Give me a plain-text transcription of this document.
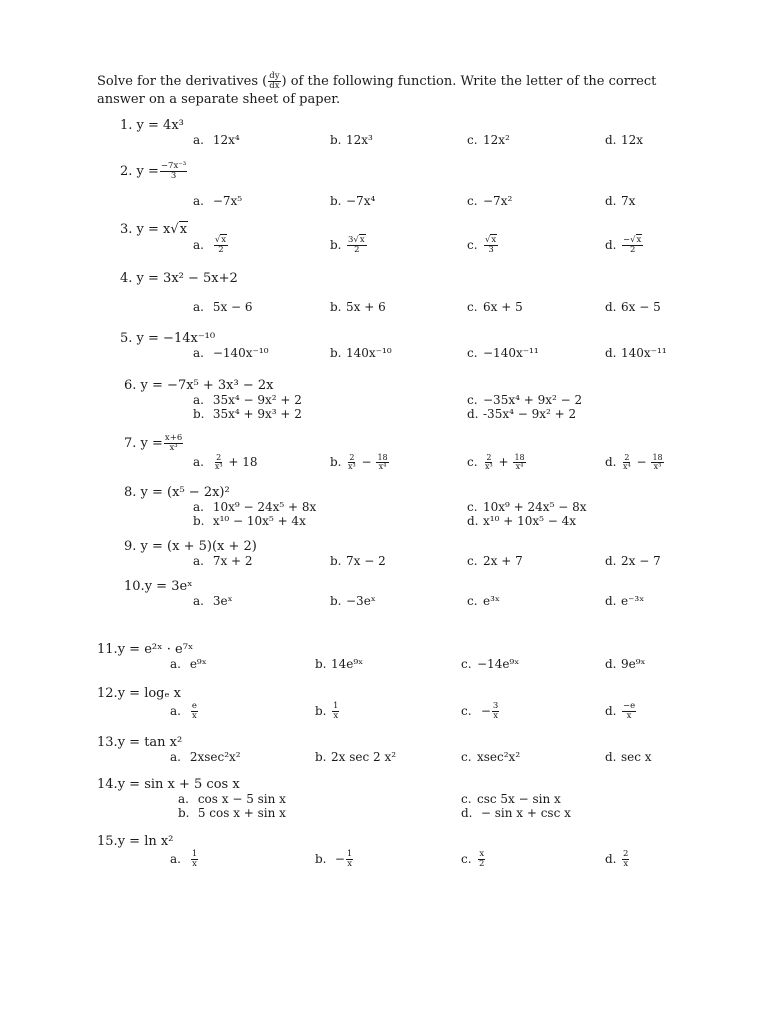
Solve for the derivatives ( $\frac{dy}{dx}$ ) of the following function. Write the letter of the correct answer on a separate sheet of paper.
1. y = 4x³
a. 12x⁴	b. 12x³	c. 12x²	d. 12x
2. $y = \frac{\text{−7x⁻³}}{3}$
a. −7x⁵	b. −7x⁴	c. −7x²	d. 7x
3. y = x√x
a. $\frac{√x}{2}$	b. $\frac{3√x}{2}$	c. $\frac{√x}{3}$	d. $\frac{-√x}{2}$
4. y = 3x² − 5x+2
a. 5x − 6	b. 5x + 6	c. 6x + 5	d. 6x − 5
5. y = −14x⁻¹⁰
a. −140x⁻¹⁰	b. 140x⁻¹⁰	c. −140x⁻¹¹	d. 140x⁻¹¹
6. y = −7x⁵ + 3x³ − 2x
a. 35x⁴ − 9x² + 2
b. 35x⁴ + 9x³ + 2
c. −35x⁴ + 9x² − 2
d. -35x⁴ − 9x² + 2
7. $y = \frac{x+6}{\text{x³}}$
a. $\frac{2}{\text{x³}} + 18$	b. $\frac{2}{\text{x³}} - \frac{18}{\text{x⁴}}$	c. $\frac{2}{\text{x³}} + \frac{18}{\text{x⁴}}$	d. $\frac{2}{\text{x⁴}} - \frac{18}{\text{x³}}$
8. y = (x⁵ − 2x)²
a. 10x⁹ − 24x⁵ + 8x
b. x¹⁰ − 10x⁵ + 4x
c. 10x⁹ + 24x⁵ − 8x
d. x¹⁰ + 10x⁵ − 4x
9. y = (x + 5)(x + 2)
a. 7x + 2	b. 7x − 2	c. 2x + 7	d. 2x − 7
10.y = 3eˣ
a. 3eˣ	b. −3eˣ	c. e³ˣ	d. e⁻³ˣ
11.y = e²ˣ · e⁷ˣ
a. e⁹ˣ	b. 14e⁹ˣ	c. −14e⁹ˣ	d. 9e⁹ˣ
12.y = logₑ x
a. $\frac{e}{x}$	b. $\frac{1}{x}$	c. − $\frac{3}{x}$	d. $\frac{-e}{x}$
13.y = tan x²
a. 2xsec²x²	b. 2x sec 2 x²	c. xsec²x²	d. sec x
14.y = sin x + 5 cos x
a. cos x − 5 sin x
b. 5 cos x + sin x
c. csc 5x − sin x
d. − sin x + csc x
15.y = ln x²
a. $\frac{1}{x}$	b. − $\frac{1}{x}$	c. $\frac{x}{2}$	d. $\frac{2}{x}$
